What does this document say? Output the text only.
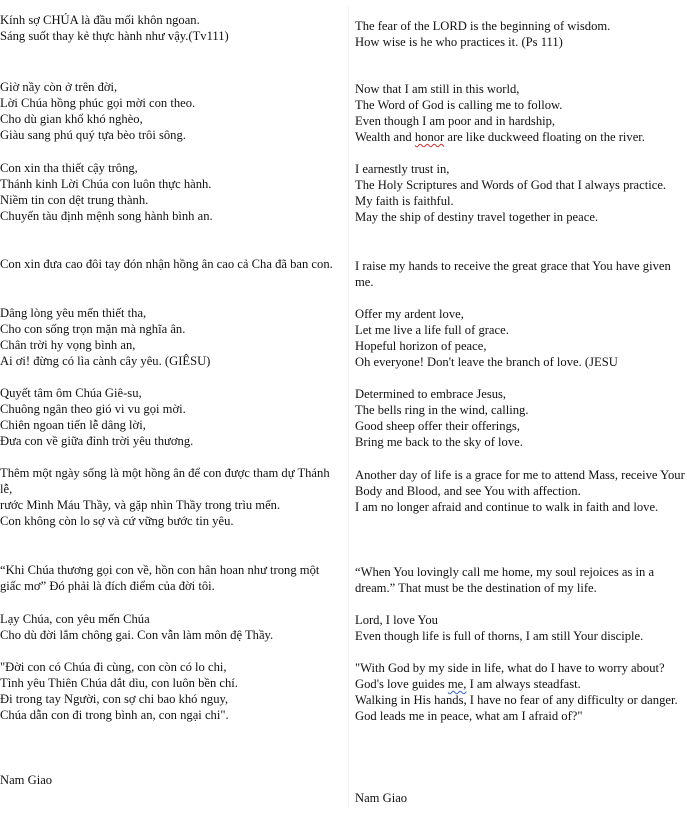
Kính sợ CHÚA là đầu mối khôn ngoan.
Sáng suốt thay kẻ thực hành như vậy.(Tv111)
Giờ nầy còn ở trên đời,
Lời Chúa hồng phúc gọi mời con theo.
Cho dù gian khổ khó nghèo,
Giàu sang phú quý tựa bèo trôi sông.
Con xin tha thiết cậy trông,
Thánh kinh Lời Chúa con luôn thực hành.
Niềm tin con dệt trung thành.
Chuyến tàu định mệnh song hành bình an.
Con xin đưa cao đôi tay đón nhận hồng ân cao cả Cha đã ban con.
Dâng lòng yêu mến thiết tha,
Cho con sống trọn mặn mà nghĩa ân.
Chân trời hy vọng bình an,
Ai ơi! đừng có lìa cành cây yêu. (GIÊSU)
Quyết tâm ôm Chúa Giê-su,
Chuông ngân theo gió vi vu gọi mời.
Chiên ngoan tiến lễ dâng lời,
Đưa con về giữa đỉnh trời yêu thương.
Thêm một ngày sống là một hồng ân để con được tham dự Thánh lễ,
rước Mình Máu Thầy, và gặp nhìn Thầy trong trìu mến.
Con không còn lo sợ và cứ vững bước tin yêu.
“Khi Chúa thương gọi con về, hồn con hân hoan như trong một giấc mơ” Đó phải là đích điểm của đời tôi.
Lạy Chúa, con yêu mến Chúa
Cho dù đời lắm chông gai. Con vẫn làm môn đệ Thầy.
"Đời con có Chúa đi cùng, con còn có lo chi,
Tình yêu Thiên Chúa dắt dìu, con luôn bền chí.
Đi trong tay Người, con sợ chi bao khó nguy,
Chúa dẫn con đi trong bình an, con ngại chi".
Nam Giao
The fear of the LORD is the beginning of wisdom.
How wise is he who practices it. (Ps 111)
Now that I am still in this world,
The Word of God is calling me to follow.
Even though I am poor and in hardship,
Wealth and honor are like duckweed floating on the river.
I earnestly trust in,
The Holy Scriptures and Words of God that I always practice.
My faith is faithful.
May the ship of destiny travel together in peace.
I raise my hands to receive the great grace that You have given me.
Offer my ardent love,
Let me live a life full of grace.
Hopeful horizon of peace,
Oh everyone! Don't leave the branch of love. (JESU
Determined to embrace Jesus,
The bells ring in the wind, calling.
Good sheep offer their offerings,
Bring me back to the sky of love.
Another day of life is a grace for me to attend Mass, receive Your Body and Blood, and see You with affection.
I am no longer afraid and continue to walk in faith and love.
“When You lovingly call me home, my soul rejoices as in a dream.” That must be the destination of my life.
Lord, I love You
Even though life is full of thorns, I am still Your disciple.
"With God by my side in life, what do I have to worry about?
God's love guides me, I am always steadfast.
Walking in His hands, I have no fear of any difficulty or danger.
God leads me in peace, what am I afraid of?"
Nam Giao
